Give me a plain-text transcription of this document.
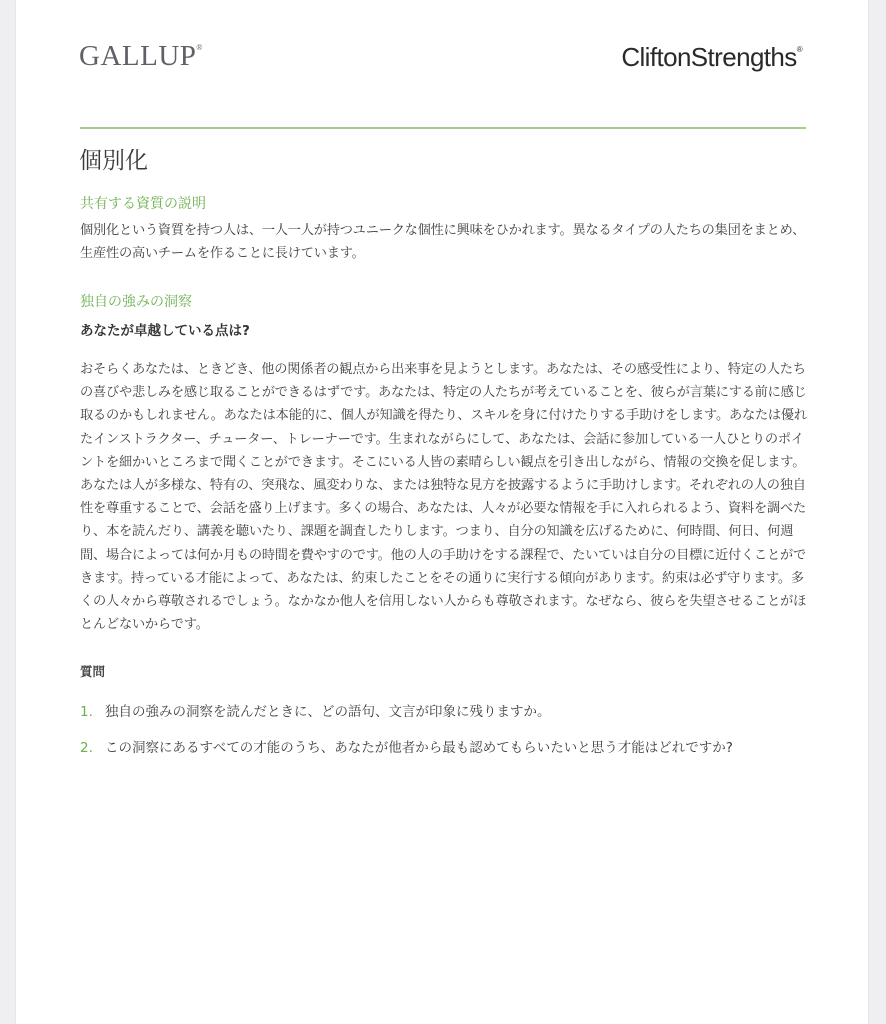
GALLUP®	CliftonStrengths®
個別化
共有する資質の説明

個別化という資質を持つ人は、一人一人が持つユニークな個性に興味をひかれます。異なるタイプの人たちの集団をまとめ、生産性の高いチームを作ることに長けています。

独自の強みの洞察

あなたが卓越している点は?

おそらくあなたは、ときどき、他の関係者の観点から出来事を見ようとします。あなたは、その感受性により、特定の人たちの喜びや悲しみを感じ取ることができるはずです。あなたは、特定の人たちが考えていることを、彼らが言葉にする前に感じ取るのかもしれません。あなたは本能的に、個人が知識を得たり、スキルを身に付けたりする手助けをします。あなたは優れたインストラクター、チューター、トレーナーです。生まれながらにして、あなたは、会話に参加している一人ひとりのポイントを細かいところまで聞くことができます。そこにいる人皆の素晴らしい観点を引き出しながら、情報の交換を促します。あなたは人が多様な、特有の、突飛な、風変わりな、または独特な見方を披露するように手助けします。それぞれの人の独自性を尊重することで、会話を盛り上げます。多くの場合、あなたは、人々が必要な情報を手に入れられるよう、資料を調べたり、本を読んだり、講義を聴いたり、課題を調査したりします。つまり、自分の知識を広げるために、何時間、何日、何週間、場合によっては何か月もの時間を費やすのです。他の人の手助けをする課程で、たいていは自分の目標に近付くことができます。持っている才能によって、あなたは、約束したことをその通りに実行する傾向があります。約束は必ず守ります。多くの人々から尊敬されるでしょう。なかなか他人を信用しない人からも尊敬されます。なぜなら、彼らを失望させることがほとんどないからです。

質問

1. 独自の強みの洞察を読んだときに、どの語句、文言が印象に残りますか。
2. この洞察にあるすべての才能のうち、あなたが他者から最も認めてもらいたいと思う才能はどれですか?
